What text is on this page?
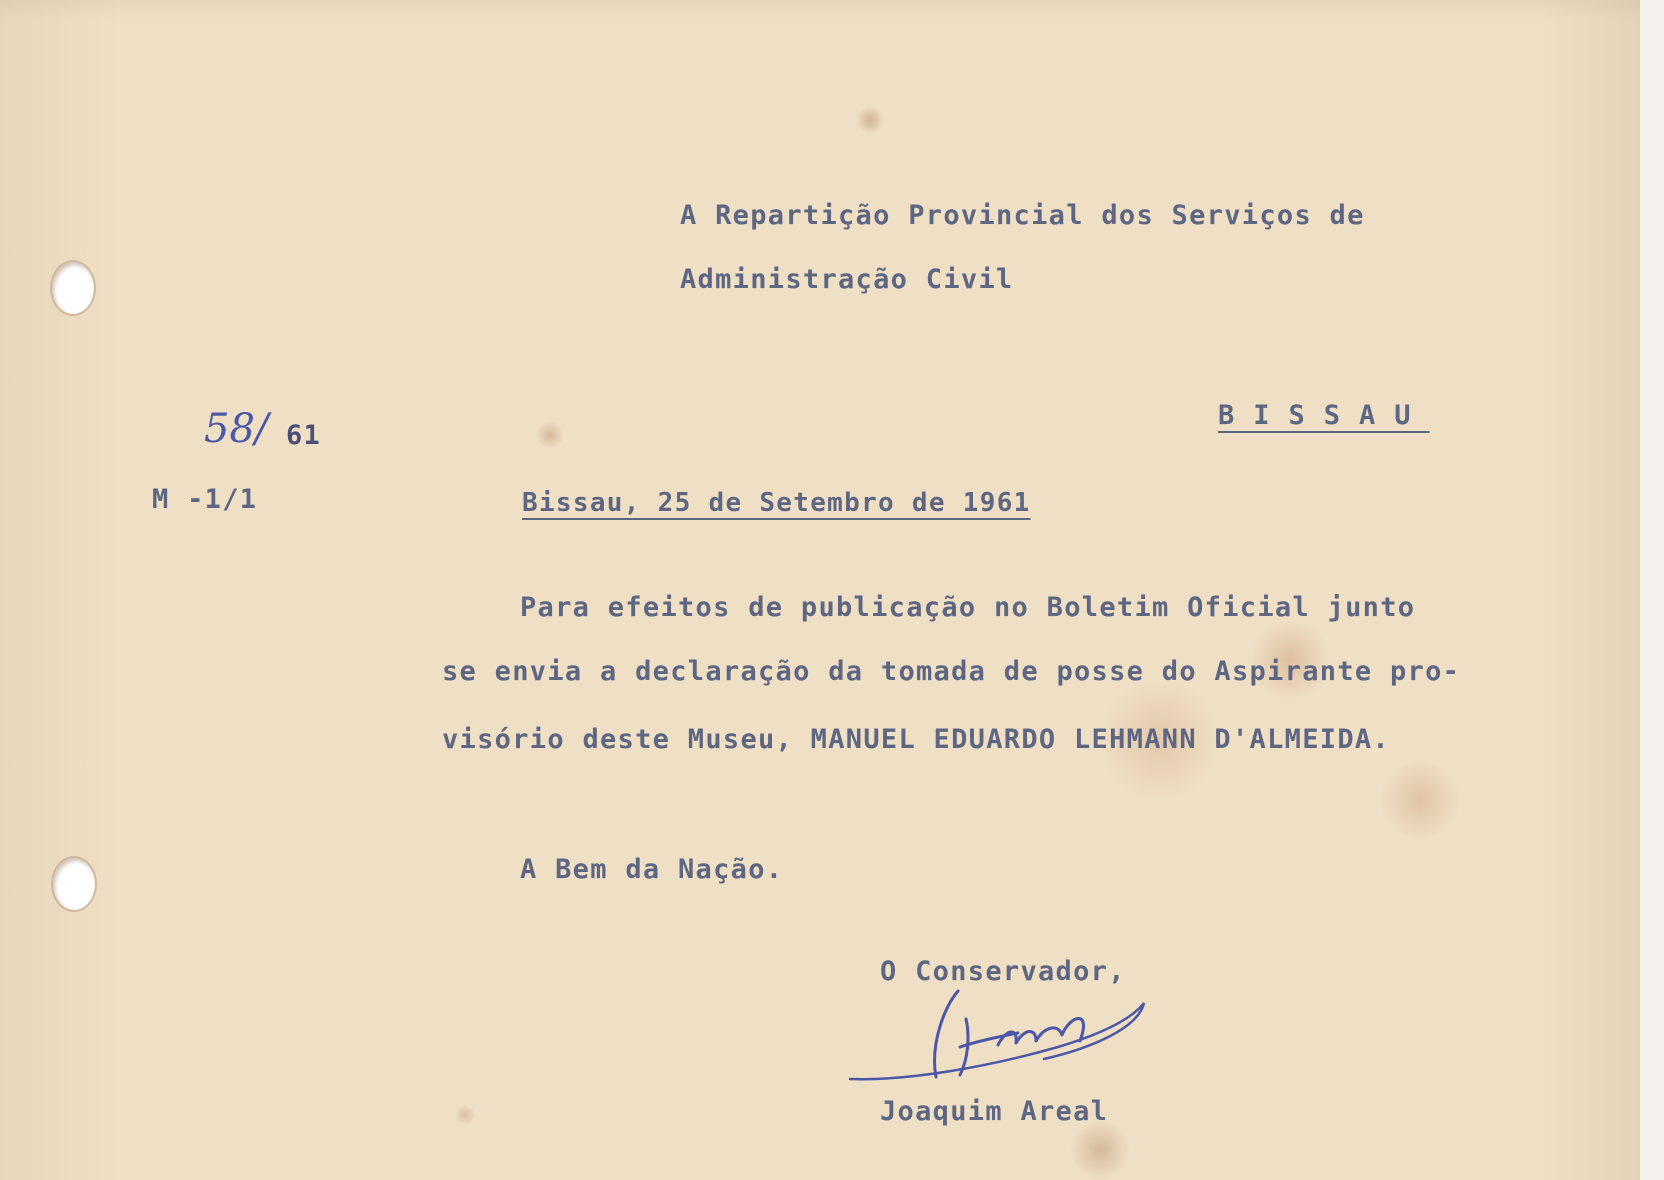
A Repartição Provincial dos Serviços de

Administração Civil

BISSAU

58/ 61

M -1/1	Bissau, 25 de Setembro de 1961

Para efeitos de publicação no Boletim Oficial junto

se envia a declaração da tomada de posse do Aspirante pro-

visório deste Museu, MANUEL EDUARDO LEHMANN D'ALMEIDA.

A Bem da Nação.

O Conservador,

Joaquim Areal
